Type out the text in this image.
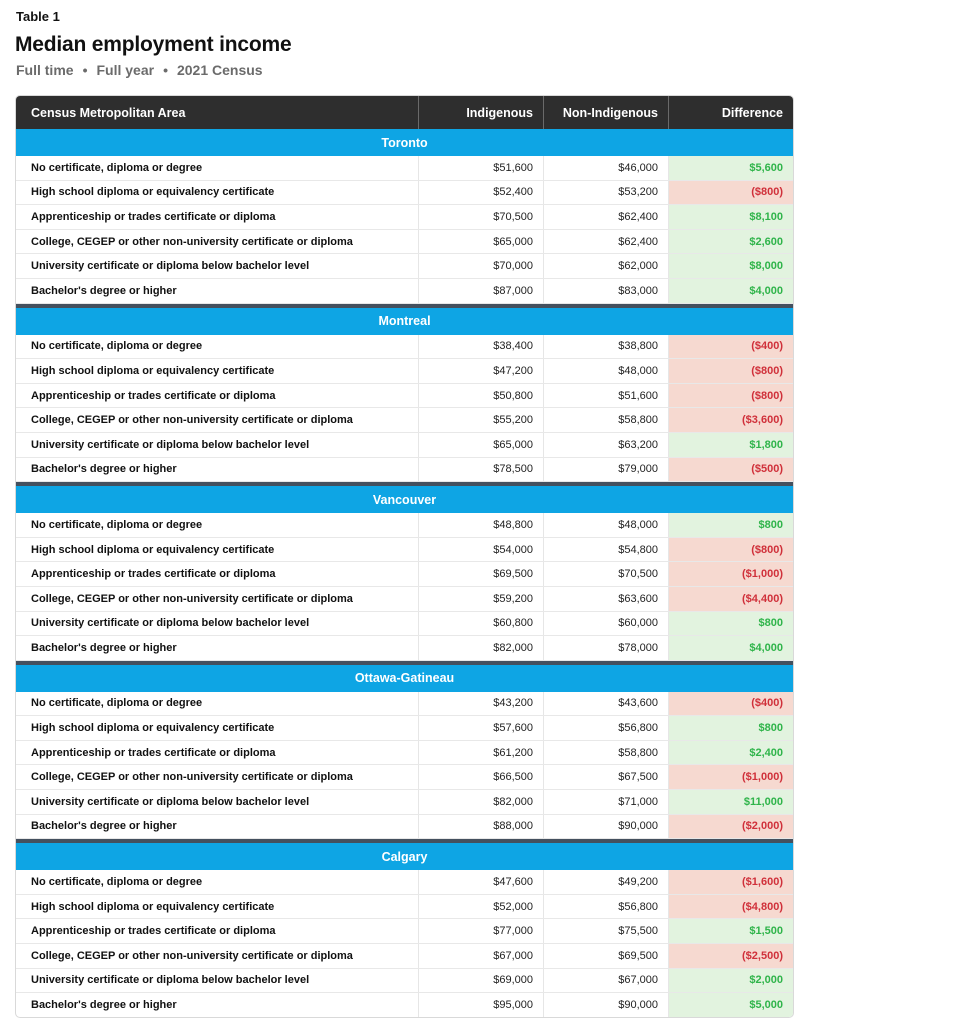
Table 1
Median employment income
Full time • Full year • 2021 Census
Census Metropolitan Area	Indigenous	Non-Indigenous	Difference
Toronto
No certificate, diploma or degree	$51,600	$46,000	$5,600
High school diploma or equivalency certificate	$52,400	$53,200	($800)
Apprenticeship or trades certificate or diploma	$70,500	$62,400	$8,100
College, CEGEP or other non-university certificate or diploma	$65,000	$62,400	$2,600
University certificate or diploma below bachelor level	$70,000	$62,000	$8,000
Bachelor's degree or higher	$87,000	$83,000	$4,000
Montreal
No certificate, diploma or degree	$38,400	$38,800	($400)
High school diploma or equivalency certificate	$47,200	$48,000	($800)
Apprenticeship or trades certificate or diploma	$50,800	$51,600	($800)
College, CEGEP or other non-university certificate or diploma	$55,200	$58,800	($3,600)
University certificate or diploma below bachelor level	$65,000	$63,200	$1,800
Bachelor's degree or higher	$78,500	$79,000	($500)
Vancouver
No certificate, diploma or degree	$48,800	$48,000	$800
High school diploma or equivalency certificate	$54,000	$54,800	($800)
Apprenticeship or trades certificate or diploma	$69,500	$70,500	($1,000)
College, CEGEP or other non-university certificate or diploma	$59,200	$63,600	($4,400)
University certificate or diploma below bachelor level	$60,800	$60,000	$800
Bachelor's degree or higher	$82,000	$78,000	$4,000
Ottawa-Gatineau
No certificate, diploma or degree	$43,200	$43,600	($400)
High school diploma or equivalency certificate	$57,600	$56,800	$800
Apprenticeship or trades certificate or diploma	$61,200	$58,800	$2,400
College, CEGEP or other non-university certificate or diploma	$66,500	$67,500	($1,000)
University certificate or diploma below bachelor level	$82,000	$71,000	$11,000
Bachelor's degree or higher	$88,000	$90,000	($2,000)
Calgary
No certificate, diploma or degree	$47,600	$49,200	($1,600)
High school diploma or equivalency certificate	$52,000	$56,800	($4,800)
Apprenticeship or trades certificate or diploma	$77,000	$75,500	$1,500
College, CEGEP or other non-university certificate or diploma	$67,000	$69,500	($2,500)
University certificate or diploma below bachelor level	$69,000	$67,000	$2,000
Bachelor's degree or higher	$95,000	$90,000	$5,000
